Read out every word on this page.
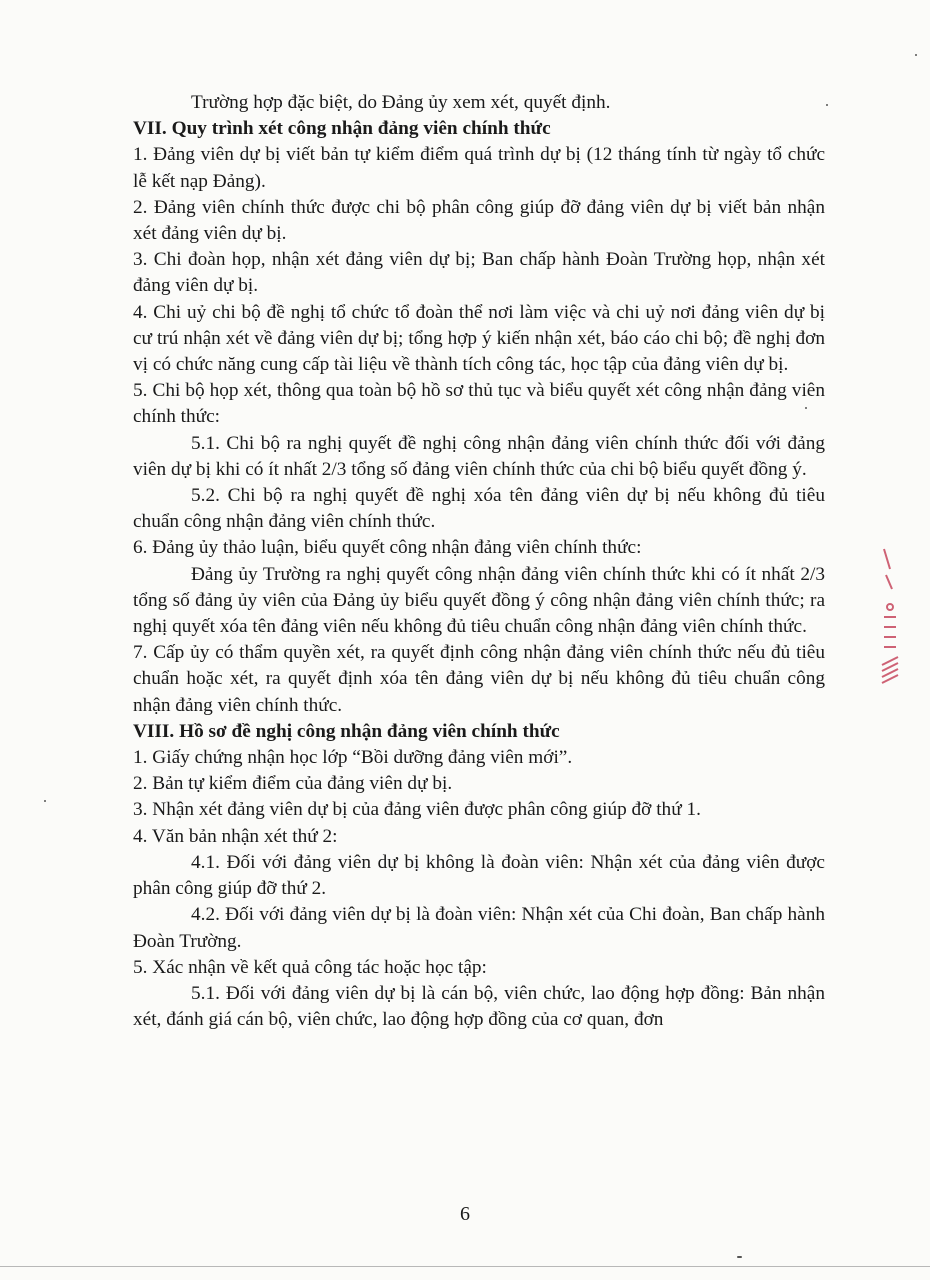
Trường hợp đặc biệt, do Đảng ủy xem xét, quyết định.

VII. Quy trình xét công nhận đảng viên chính thức

1. Đảng viên dự bị viết bản tự kiểm điểm quá trình dự bị (12 tháng tính từ ngày tổ chức lễ kết nạp Đảng).

2. Đảng viên chính thức được chi bộ phân công giúp đỡ đảng viên dự bị viết bản nhận xét đảng viên dự bị.

3. Chi đoàn họp, nhận xét đảng viên dự bị; Ban chấp hành Đoàn Trường họp, nhận xét đảng viên dự bị.

4. Chi uỷ chi bộ đề nghị tổ chức tổ đoàn thể nơi làm việc và chi uỷ nơi đảng viên dự bị cư trú nhận xét về đảng viên dự bị; tổng hợp ý kiến nhận xét, báo cáo chi bộ; đề nghị đơn vị có chức năng cung cấp tài liệu về thành tích công tác, học tập của đảng viên dự bị.

5. Chi bộ họp xét, thông qua toàn bộ hồ sơ thủ tục và biểu quyết xét công nhận đảng viên chính thức:

5.1. Chi bộ ra nghị quyết đề nghị công nhận đảng viên chính thức đối với đảng viên dự bị khi có ít nhất 2/3 tổng số đảng viên chính thức của chi bộ biểu quyết đồng ý.

5.2. Chi bộ ra nghị quyết đề nghị xóa tên đảng viên dự bị nếu không đủ tiêu chuẩn công nhận đảng viên chính thức.

6. Đảng ủy thảo luận, biểu quyết công nhận đảng viên chính thức:

Đảng ủy Trường ra nghị quyết công nhận đảng viên chính thức khi có ít nhất 2/3 tổng số đảng ủy viên của Đảng ủy biểu quyết đồng ý công nhận đảng viên chính thức; ra nghị quyết xóa tên đảng viên nếu không đủ tiêu chuẩn công nhận đảng viên chính thức.

7. Cấp ủy có thẩm quyền xét, ra quyết định công nhận đảng viên chính thức nếu đủ tiêu chuẩn hoặc xét, ra quyết định xóa tên đảng viên dự bị nếu không đủ tiêu chuẩn công nhận đảng viên chính thức.

VIII. Hồ sơ đề nghị công nhận đảng viên chính thức

1. Giấy chứng nhận học lớp “Bồi dưỡng đảng viên mới”.

2. Bản tự kiểm điểm của đảng viên dự bị.

3. Nhận xét đảng viên dự bị của đảng viên được phân công giúp đỡ thứ 1.

4. Văn bản nhận xét thứ 2:

4.1. Đối với đảng viên dự bị không là đoàn viên: Nhận xét của đảng viên được phân công giúp đỡ thứ 2.

4.2. Đối với đảng viên dự bị là đoàn viên: Nhận xét của Chi đoàn, Ban chấp hành Đoàn Trường.

5. Xác nhận về kết quả công tác hoặc học tập:

5.1. Đối với đảng viên dự bị là cán bộ, viên chức, lao động hợp đồng: Bản nhận xét, đánh giá cán bộ, viên chức, lao động hợp đồng của cơ quan, đơn

6
